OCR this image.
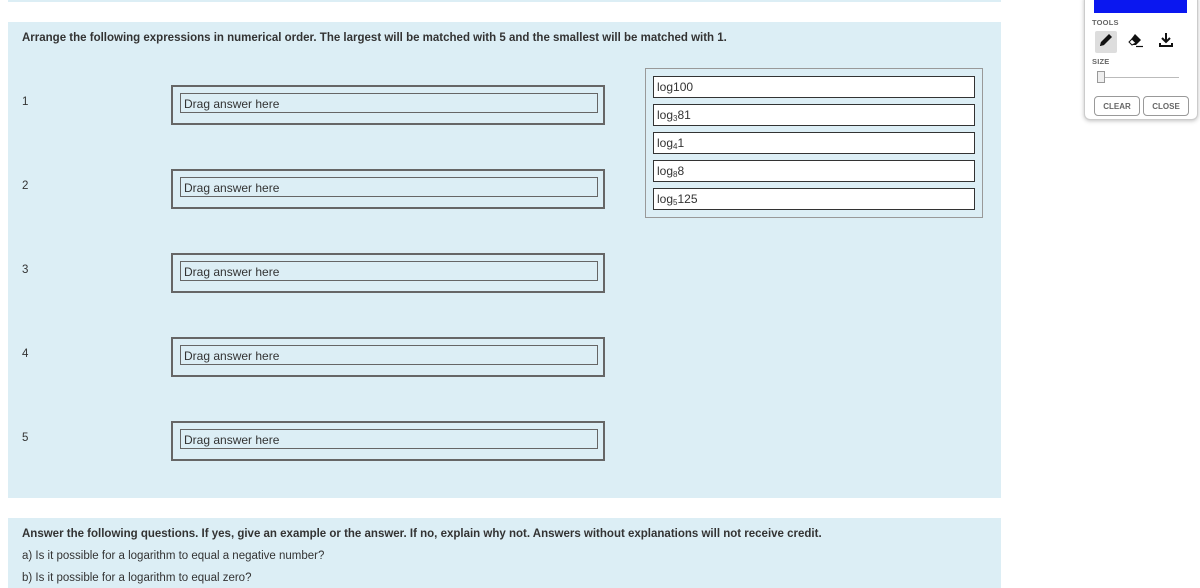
Arrange the following expressions in numerical order. The largest will be matched with 5 and the smallest will be matched with 1.
1	Drag answer here
2	Drag answer here
3	Drag answer here
4	Drag answer here
5	Drag answer here
log100
$\log_381$
$\log_41$
$\log_88$
$\log_5125$
Answer the following questions. If yes, give an example or the answer. If no, explain why not. Answers without explanations will not receive credit.
a) Is it possible for a logarithm to equal a negative number?
b) Is it possible for a logarithm to equal zero?
TOOLS
SIZE
CLEAR	CLOSE
